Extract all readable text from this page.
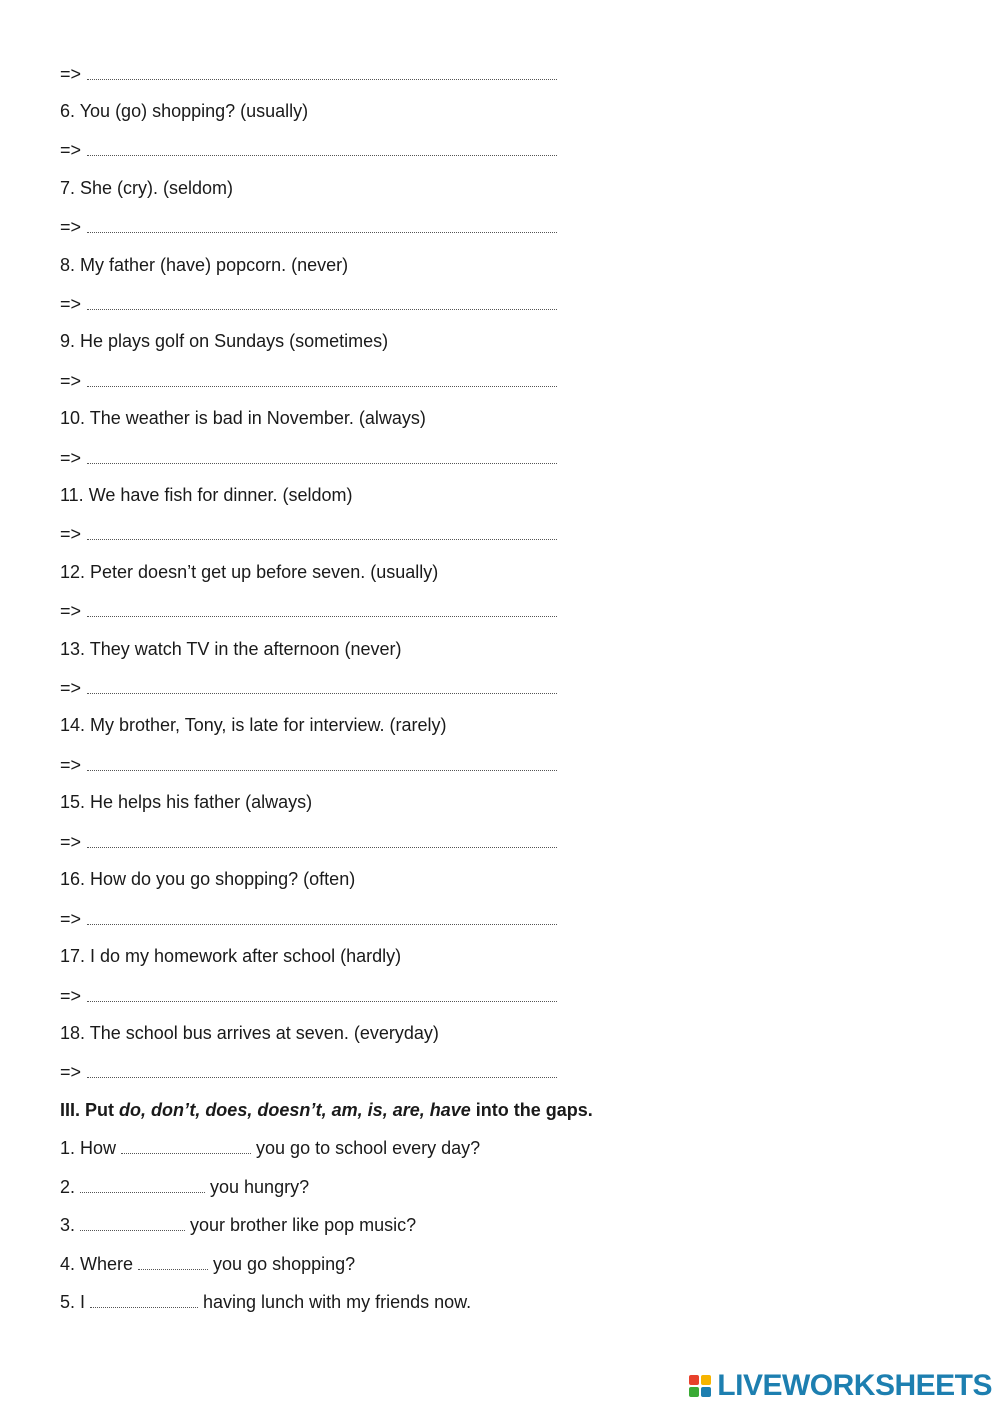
=>
6. You (go) shopping? (usually)
=>
7. She (cry). (seldom)
=>
8. My father (have) popcorn. (never)
=>
9. He plays golf on Sundays (sometimes)
=>
10. The weather is bad in November. (always)
=>
11. We have fish for dinner. (seldom)
=>
12. Peter doesn’t get up before seven. (usually)
=>
13. They watch TV in the afternoon (never)
=>
14. My brother, Tony, is late for interview. (rarely)
=>
15. He helps his father (always)
=>
16. How do you go shopping? (often)
=>
17. I do my homework after school (hardly)
=>
18. The school bus arrives at seven. (everyday)
=>
III. Put do, don’t, does, doesn’t, am, is, are, have into the gaps.
1. How	you go to school every day?
2.	you hungry?
3.	your brother like pop music?
4. Where	you go shopping?
5. I	having lunch with my friends now.
LIVEWORKSHEETS
